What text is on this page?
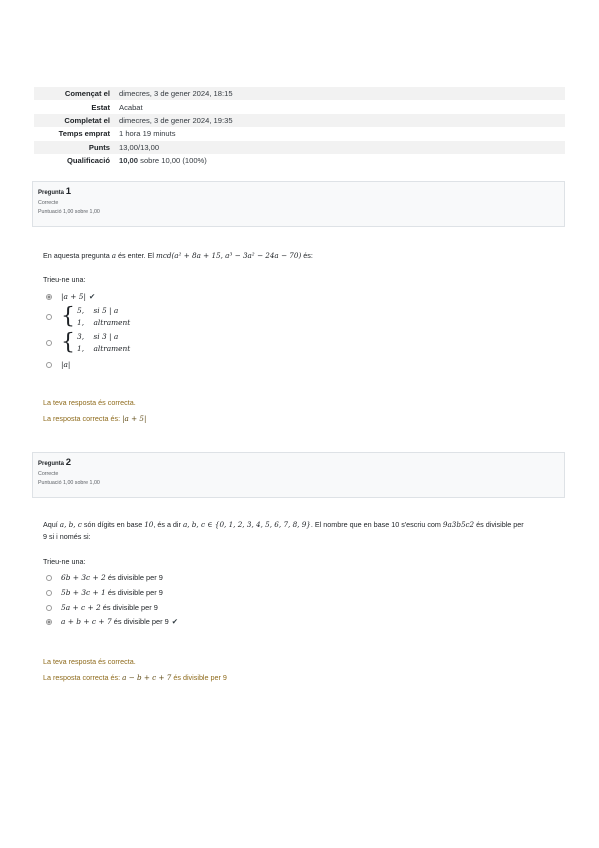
Començat el	dimecres, 3 de gener 2024, 18:15
Estat	Acabat
Completat el	dimecres, 3 de gener 2024, 19:35
Temps emprat	1 hora 19 minuts
Punts	13,00/13,00
Qualificació	10,00 sobre 10,00 (100%)
Pregunta 1
Correcte
Puntuació 1,00 sobre 1,00
En aquesta pregunta a és enter. El mcd(a² + 8a + 15, a³ − 3a² − 24a − 70) és:
Trieu-ne una:
|a + 5| ✔
{ 5,    si 5 | a
1,    altrament
{ 3,    si 3 | a
1,    altrament
|a|
La teva resposta és correcta.
La resposta correcta és: |a + 5|
Pregunta 2
Correcte
Puntuació 1,00 sobre 1,00
Aquí a, b, c són dígits en base 10, és a dir a, b, c ∈ {0, 1, 2, 3, 4, 5, 6, 7, 8, 9}. El nombre que en base 10 s'escriu com 9a3b5c2 és divisible per
9 si i només si:
Trieu-ne una:
6b + 3c + 2
és divisible per 9
5b + 3c + 1
és divisible per 9
5a + c + 2
és divisible per 9
a + b + c + 7
és divisible per 9 ✔
La teva resposta és correcta.
La resposta correcta és: a − b + c + 7 és divisible per 9
